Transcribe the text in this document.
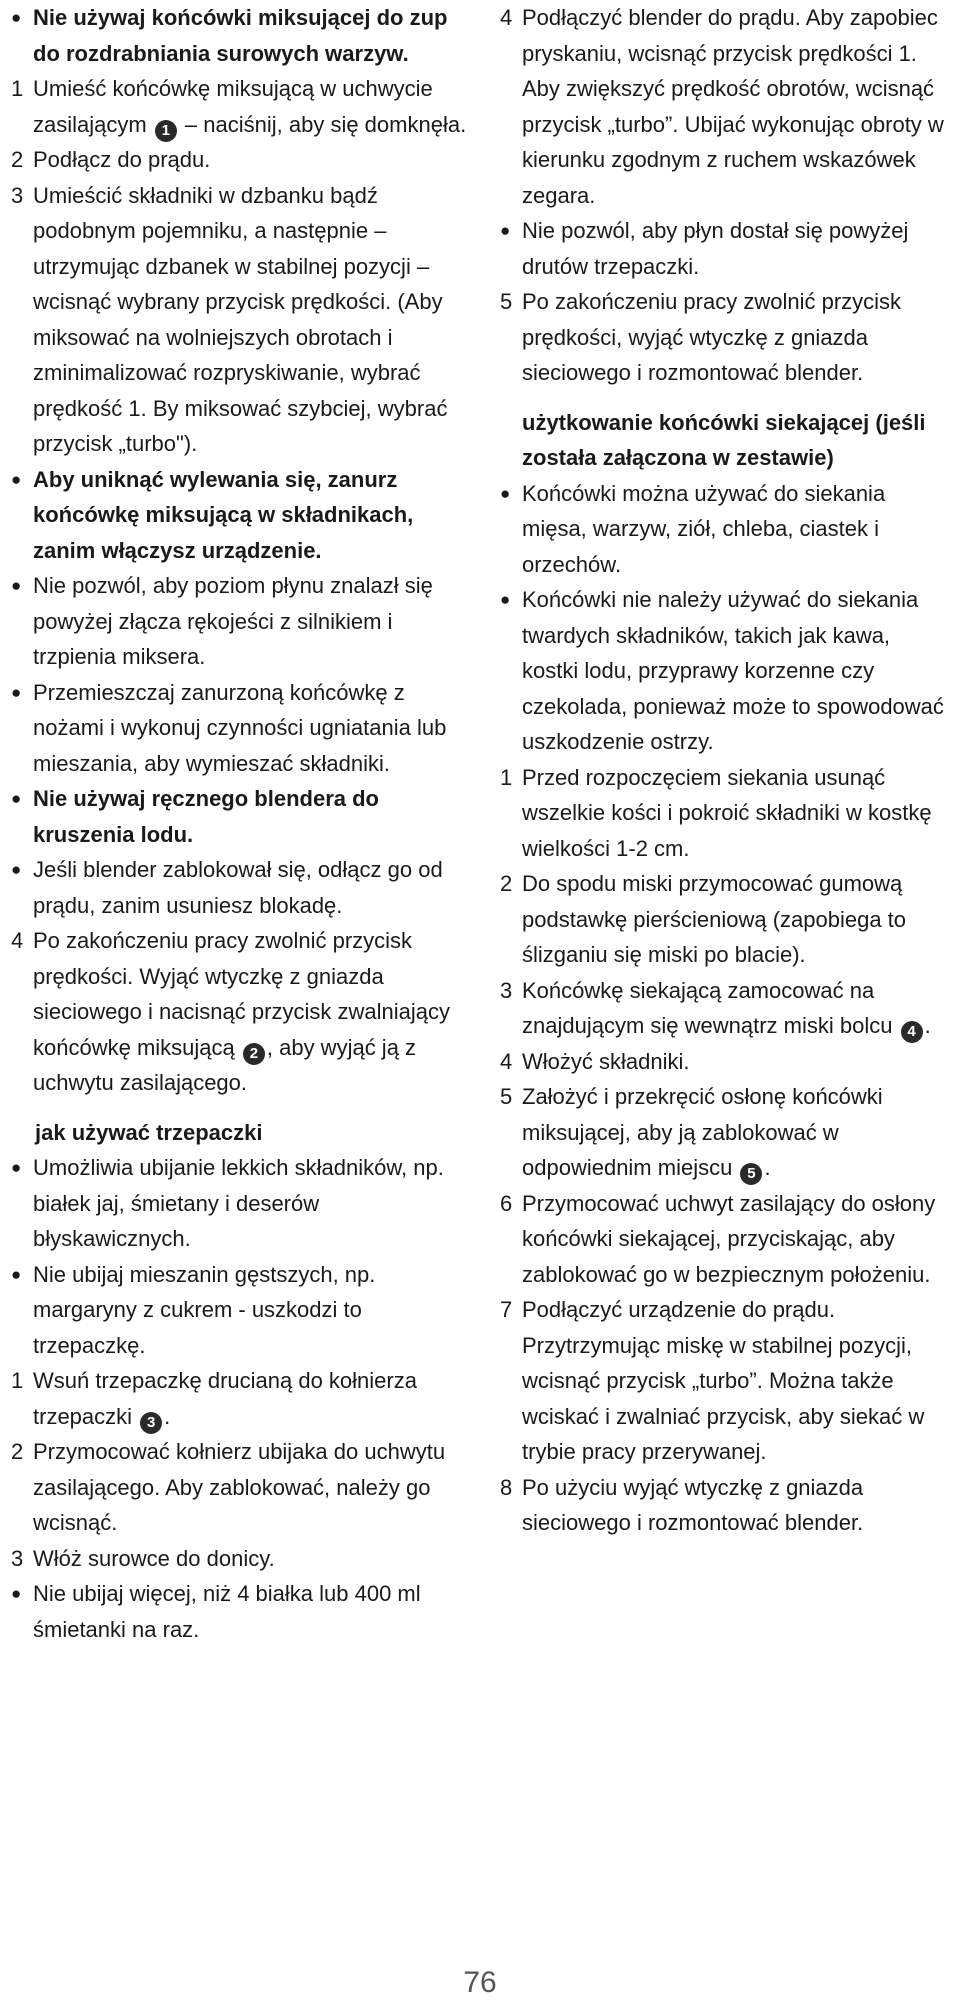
●
Nie używaj końcówki miksującej do zup do rozdrabniania surowych warzyw.
1 Umieść końcówkę miksującą w uchwycie zasilającym 1 – naciśnij, aby się domknęła.
2 Podłącz do prądu.
3 Umieścić składniki w dzbanku bądź podobnym pojemniku, a następnie – utrzymując dzbanek w stabilnej pozycji – wcisnąć wybrany przycisk prędkości. (Aby miksować na wolniejszych obrotach i zminimalizować rozpryskiwanie, wybrać prędkość 1. By miksować szybciej, wybrać przycisk „turbo").
●
Aby uniknąć wylewania się, zanurz końcówkę miksującą w składnikach, zanim włączysz urządzenie.
●
Nie pozwól, aby poziom płynu znalazł się powyżej złącza rękojeści z silnikiem i trzpienia miksera.
●
Przemieszczaj zanurzoną końcówkę z nożami i wykonuj czynności ugniatania lub mieszania, aby wymieszać składniki.
●
Nie używaj ręcznego blendera do kruszenia lodu.
●
Jeśli blender zablokował się, odłącz go od prądu, zanim usuniesz blokadę.
4 Po zakończeniu pracy zwolnić przycisk prędkości. Wyjąć wtyczkę z gniazda sieciowego i nacisnąć przycisk zwalniający końcówkę miksującą 2 , aby wyjąć ją z uchwytu zasilającego.
jak używać trzepaczki
●
Umożliwia ubijanie lekkich składników, np. białek jaj, śmietany i deserów błyskawicznych.
●
Nie ubijaj mieszanin gęstszych, np. margaryny z cukrem - uszkodzi to trzepaczkę.
1 Wsuń trzepaczkę drucianą do kołnierza trzepaczki 3 .
2 Przymocować kołnierz ubijaka do uchwytu zasilającego. Aby zablokować, należy go wcisnąć.
3 Włóż surowce do donicy.
●
Nie ubijaj więcej, niż 4 białka lub 400 ml śmietanki na raz.
4 Podłączyć blender do prądu. Aby zapobiec pryskaniu, wcisnąć przycisk prędkości 1. Aby zwiększyć prędkość obrotów, wcisnąć przycisk „turbo”. Ubijać wykonując obroty w kierunku zgodnym z ruchem wskazówek zegara.
●
Nie pozwól, aby płyn dostał się powyżej drutów trzepaczki.
5 Po zakończeniu pracy zwolnić przycisk prędkości, wyjąć wtyczkę z gniazda sieciowego i rozmontować blender.
użytkowanie końcówki siekającej (jeśli została załączona w zestawie)
●
Końcówki można używać do siekania mięsa, warzyw, ziół, chleba, ciastek i orzechów.
●
Końcówki nie należy używać do siekania twardych składników, takich jak kawa, kostki lodu, przyprawy korzenne czy czekolada, ponieważ może to spowodować uszkodzenie ostrzy.
1 Przed rozpoczęciem siekania usunąć wszelkie kości i pokroić składniki w kostkę wielkości 1-2 cm.
2 Do spodu miski przymocować gumową podstawkę pierścieniową (zapobiega to ślizganiu się miski po blacie).
3 Końcówkę siekającą zamocować na znajdującym się wewnątrz miski bolcu 4 .
4 Włożyć składniki.
5 Założyć i przekręcić osłonę końcówki miksującej, aby ją zablokować w odpowiednim miejscu 5 .
6 Przymocować uchwyt zasilający do osłony końcówki siekającej, przyciskając, aby zablokować go w bezpiecznym położeniu.
7 Podłączyć urządzenie do prądu. Przytrzymując miskę w stabilnej pozycji, wcisnąć przycisk „turbo”. Można także wciskać i zwalniać przycisk, aby siekać w trybie pracy przerywanej.
8 Po użyciu wyjąć wtyczkę z gniazda sieciowego i rozmontować blender.
76
